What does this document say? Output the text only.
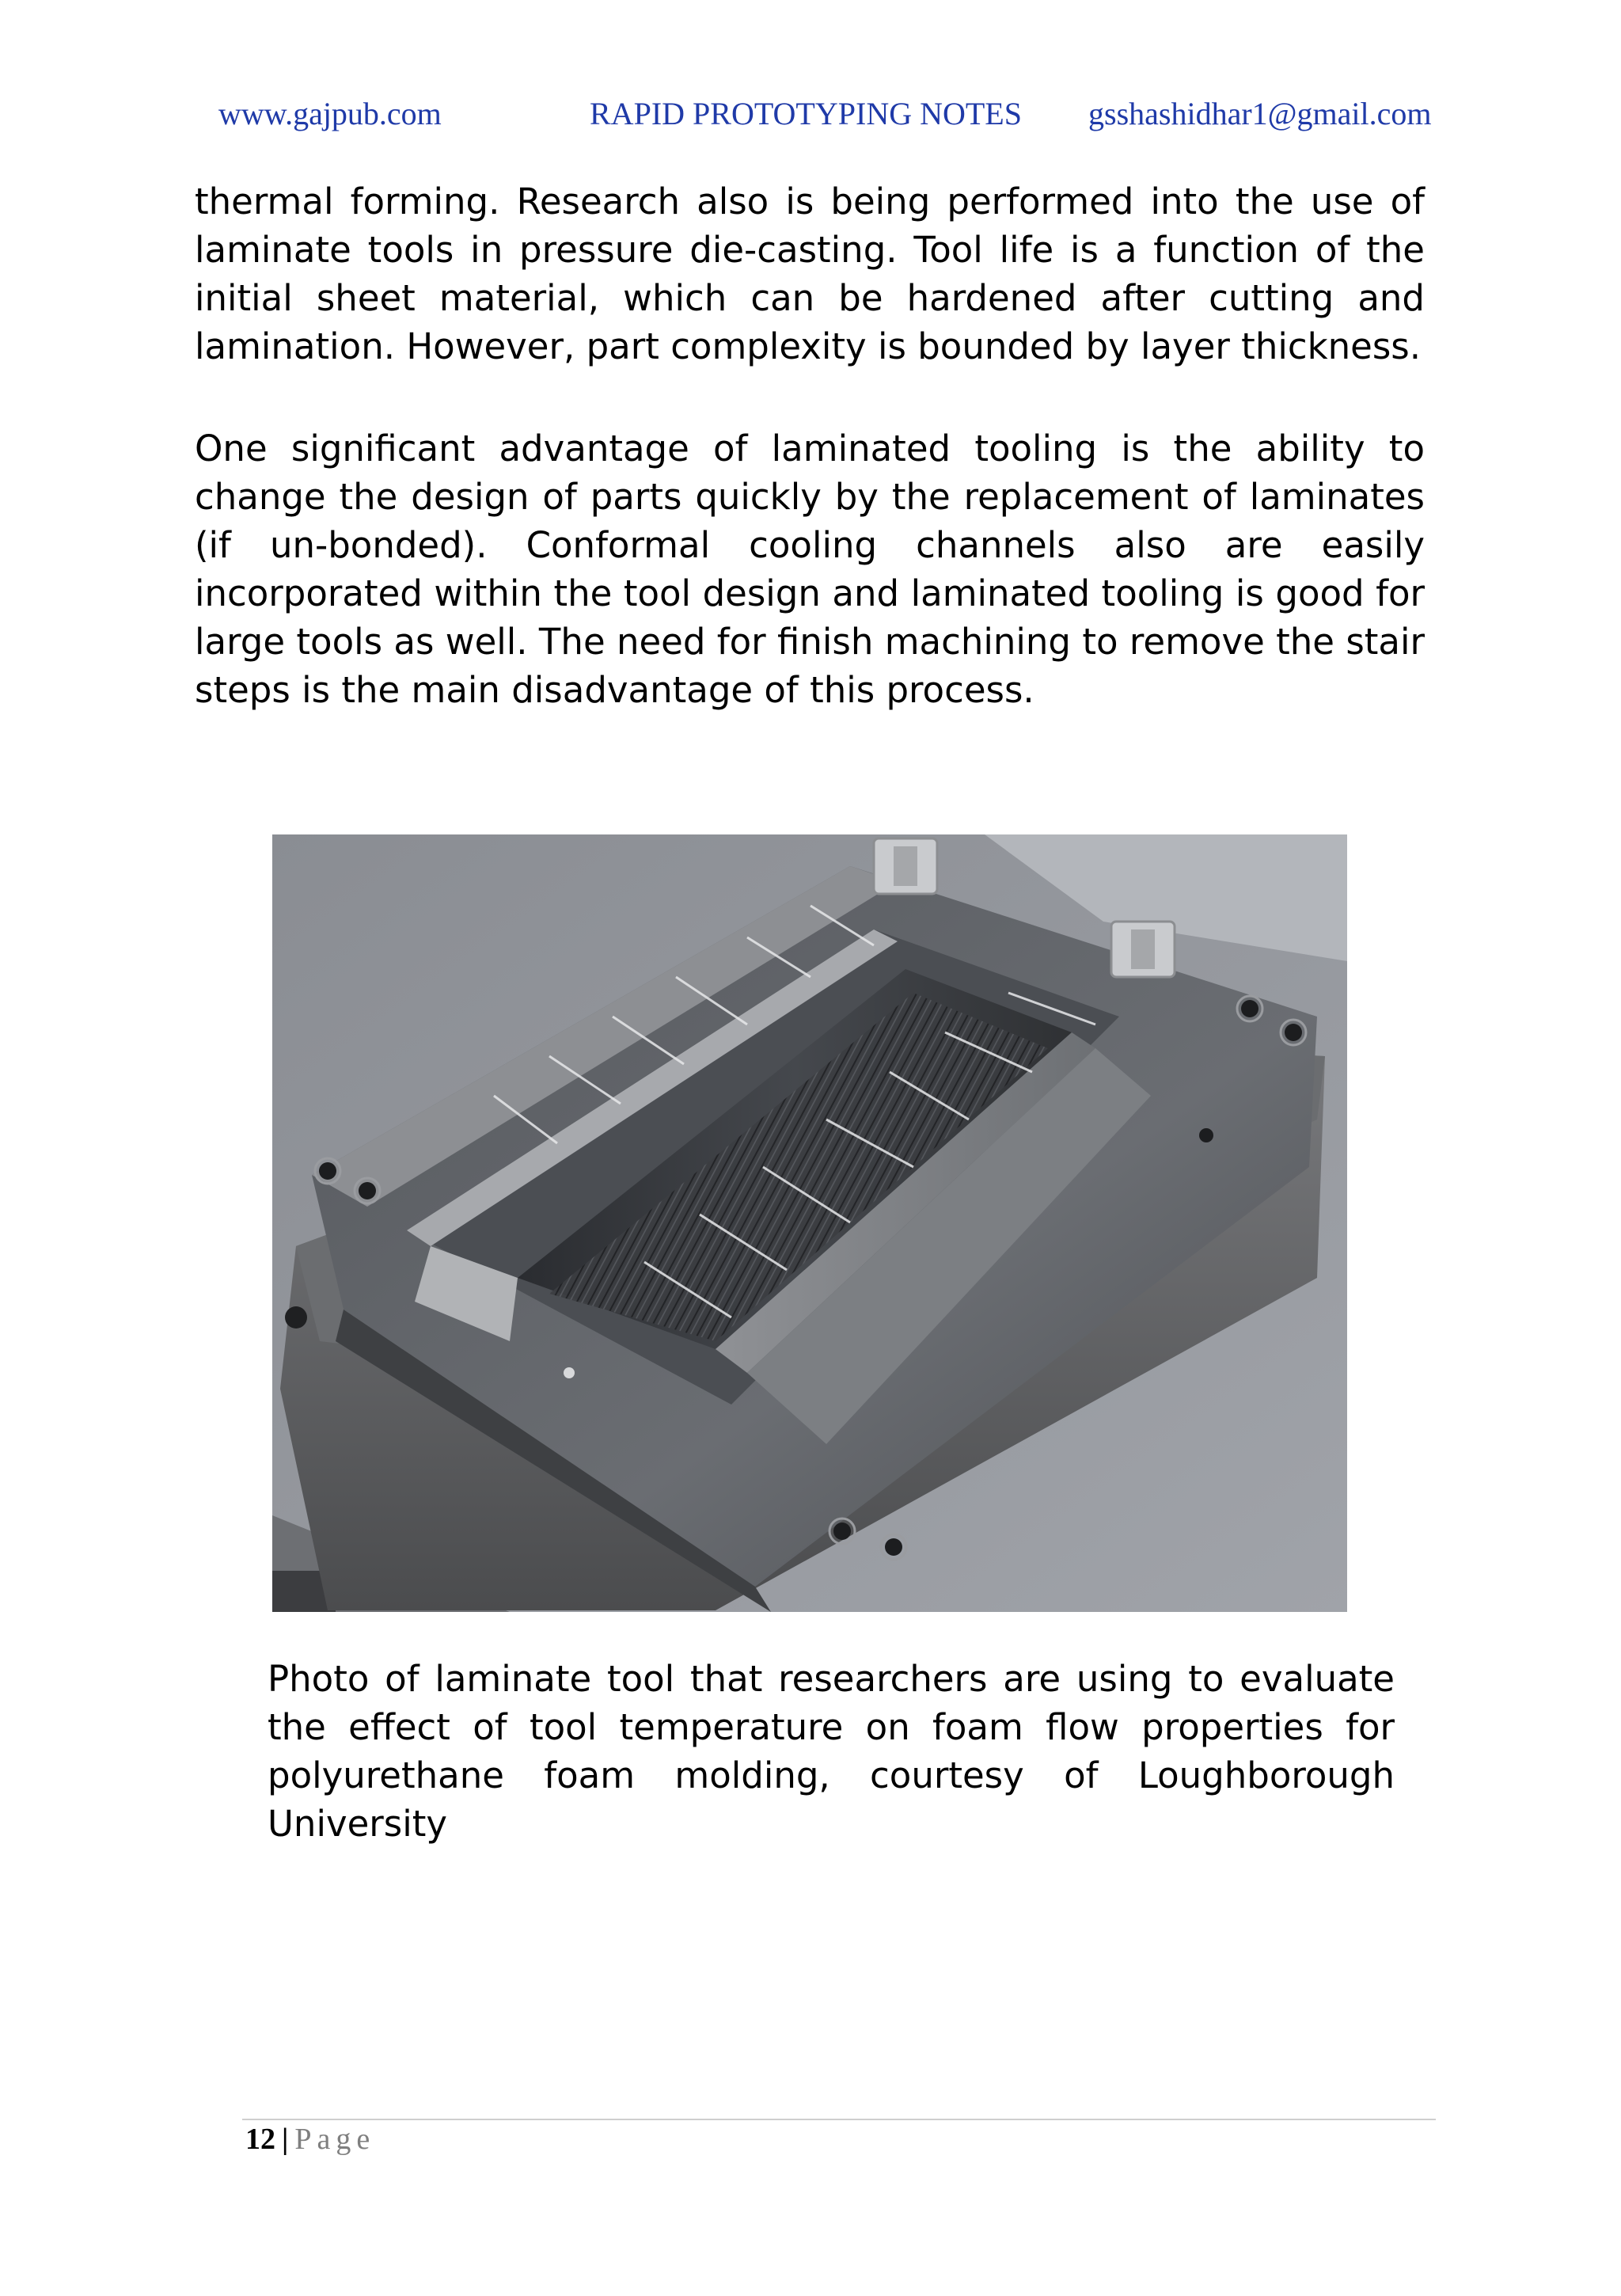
www.gajpub.com	RAPID PROTOTYPING NOTES gsshashidhar1@gmail.com

thermal forming. Research also is being performed into the use of laminate tools in pressure die-casting. Tool life is a function of the initial sheet material, which can be hardened after cutting and lamination. However, part complexity is bounded by layer thickness.

One significant advantage of laminated tooling is the ability to change the design of parts quickly by the replacement of laminates (if un-bonded). Conformal cooling channels also are easily incorporated within the tool design and laminated tooling is good for large tools as well. The need for finish machining to remove the stair steps is the main disadvantage of this process.

Photo of laminate tool that researchers are using to evaluate the effect of tool temperature on foam flow properties for polyurethane foam molding, courtesy of Loughborough University

12 | Page
